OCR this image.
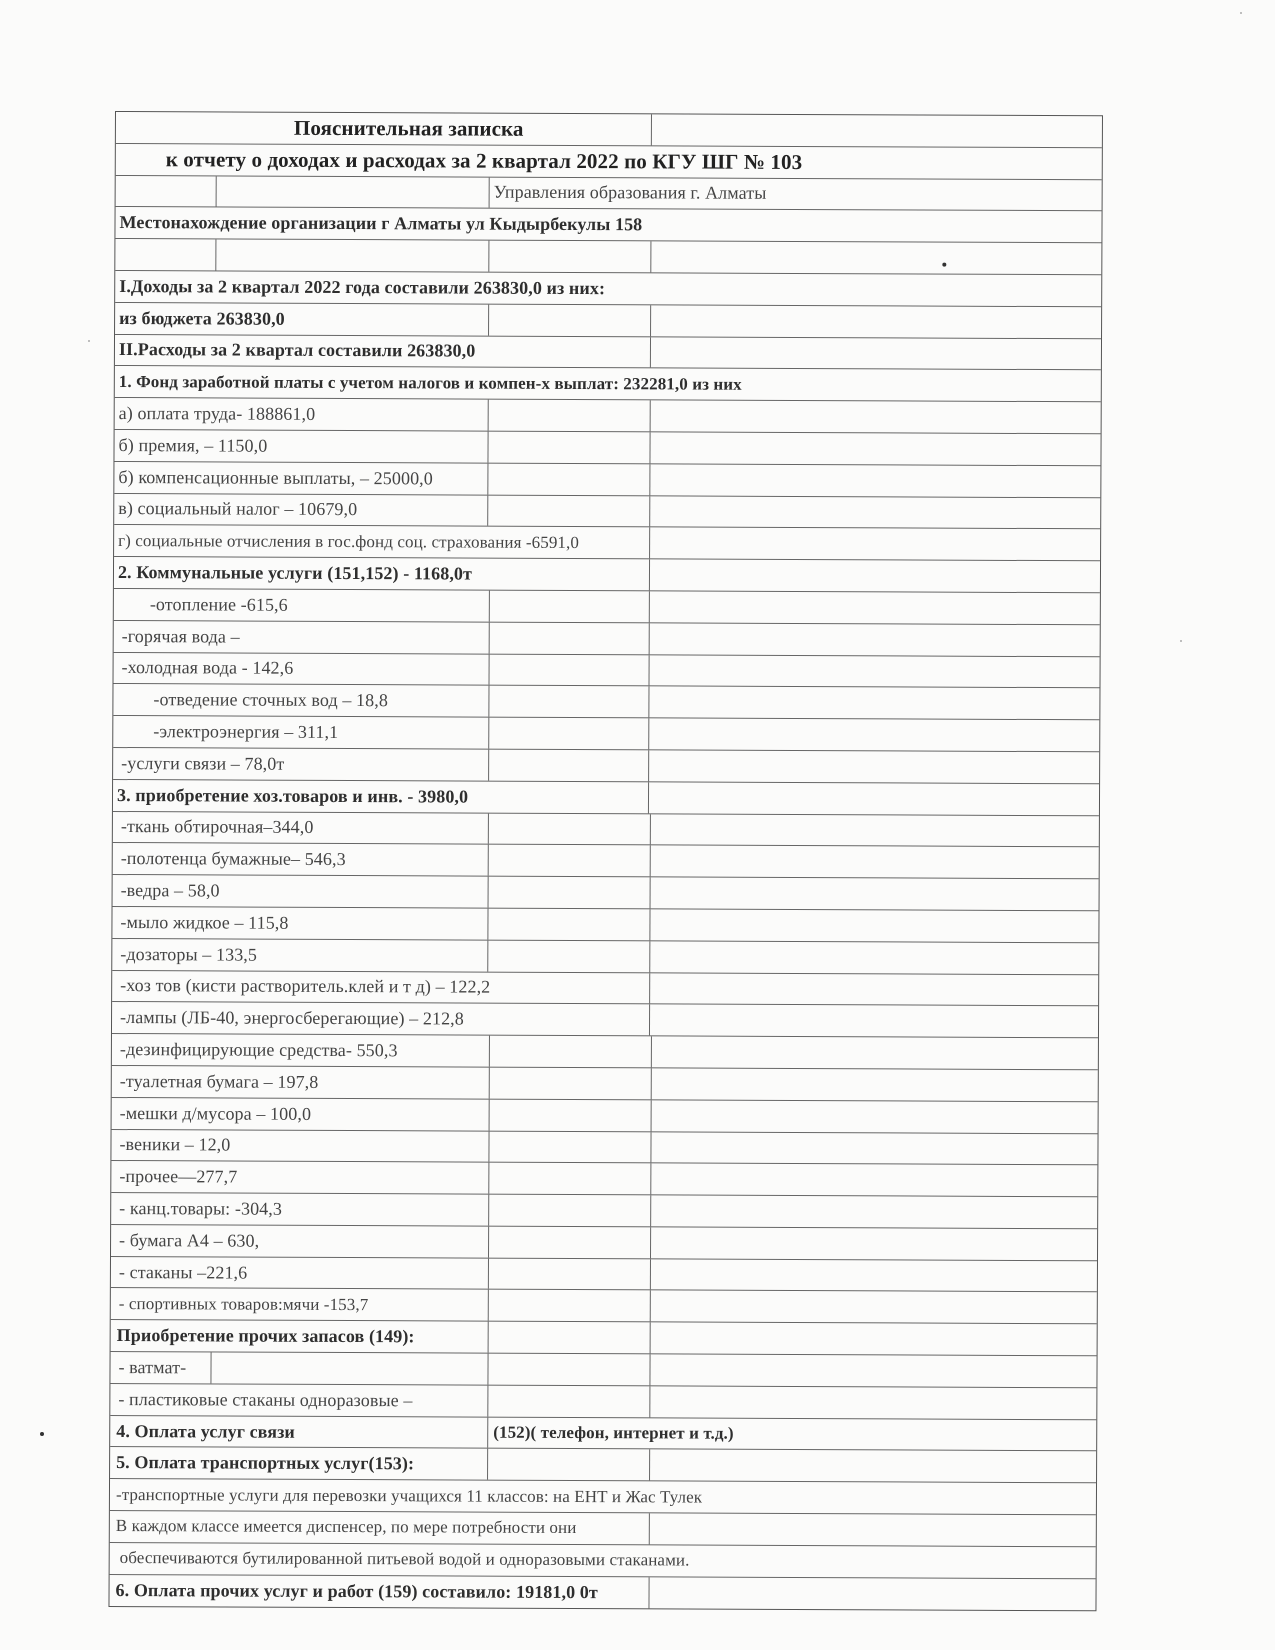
Пояснительная записка
к отчету о доходах и расходах за 2 квартал 2022 по КГУ ШГ № 103
Управления образования г. Алматы
Местонахождение организации г Алматы ул Кыдырбекулы 158
I.Доходы за 2 квартал 2022 года составили 263830,0 из них:
из бюджета 263830,0
II.Расходы за 2 квартал составили 263830,0
1. Фонд заработной платы с учетом налогов и компен-х выплат: 232281,0 из них
а) оплата труда- 188861,0
б) премия, – 1150,0
б) компенсационные выплаты, – 25000,0
в) социальный налог – 10679,0
г) социальные отчисления в гос.фонд соц. страхования -6591,0
2. Коммунальные услуги (151,152) - 1168,0т
-отопление -615,6
-горячая вода –
-холодная вода - 142,6
-отведение сточных вод – 18,8
-электроэнергия – 311,1
-услуги связи – 78,0т
3. приобретение хоз.товаров и инв. - 3980,0
-ткань обтирочная–344,0
-полотенца бумажные– 546,3
-ведра – 58,0
-мыло жидкое – 115,8
-дозаторы – 133,5
-хоз тов (кисти растворитель.клей и т д) – 122,2
-лампы (ЛБ-40, энергосберегающие) – 212,8
-дезинфицирующие средства- 550,3
-туалетная бумага – 197,8
-мешки д/мусора – 100,0
-веники – 12,0
-прочее—277,7
- канц.товары: -304,3
- бумага А4 – 630,
- стаканы –221,6
- спортивных товаров:мячи -153,7
Приобретение прочих запасов (149):
- ватмат-
- пластиковые стаканы одноразовые –
4. Оплата услуг связи	(152)( телефон, интернет и т.д.)
5. Оплата транспортных услуг(153):
-транспортные услуги для перевозки учащихся 11 классов: на ЕНТ и Жас Тулек
В каждом классе имеется диспенсер, по мере потребности они
обеспечиваются бутилированной питьевой водой и одноразовыми стаканами.
6. Оплата прочих услуг и работ (159) составило: 19181,0 0т
